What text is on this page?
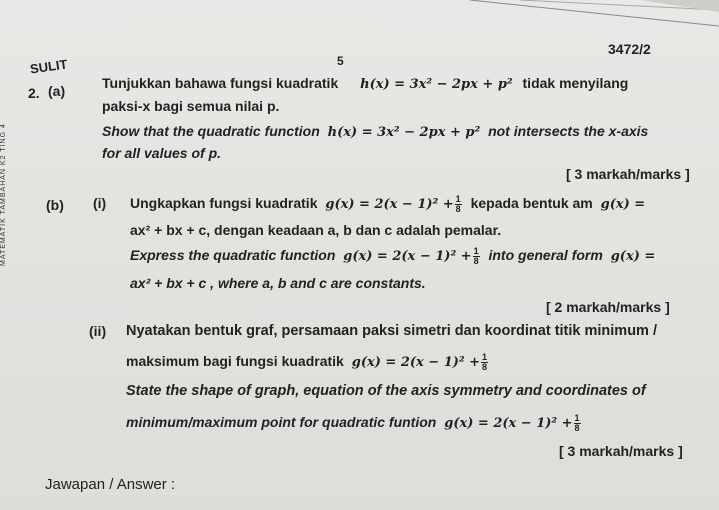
MATEMATIK TAMBAHAN K2 TING 4
SULIT	5
3472/2
2. (a)	Tunjukkan bahawa fungsi kuadratik h(x) = 3x² − 2px + p² tidak menyilang
paksi-x bagi semua nilai p.
Show that the quadratic function h(x) = 3x² − 2px + p² not intersects the x-axis
for all values of p.
[ 3 markah/marks ]
(b) (i) Ungkapkan fungsi kuadratik $g(x) = 2(x - 1)^2 + \frac{1}{8}$ kepada bentuk am g(x) =
ax² + bx + c, dengan keadaan a, b dan c adalah pemalar.
Express the quadratic function $g(x) = 2(x - 1)^2 + \frac{1}{8}$ into general form g(x) =
ax² + bx + c , where a, b and c are constants.
[ 2 markah/marks ]
(ii) Nyatakan bentuk graf, persamaan paksi simetri dan koordinat titik minimum /
maksimum bagi fungsi kuadratik $g(x) = 2(x - 1)^2 + \frac{1}{8}$
State the shape of graph, equation of the axis symmetry and coordinates of
minimum/maximum point for quadratic funtion $g(x) = 2(x - 1)^2 + \frac{1}{8}$
[ 3 markah/marks ]
Jawapan / Answer :
